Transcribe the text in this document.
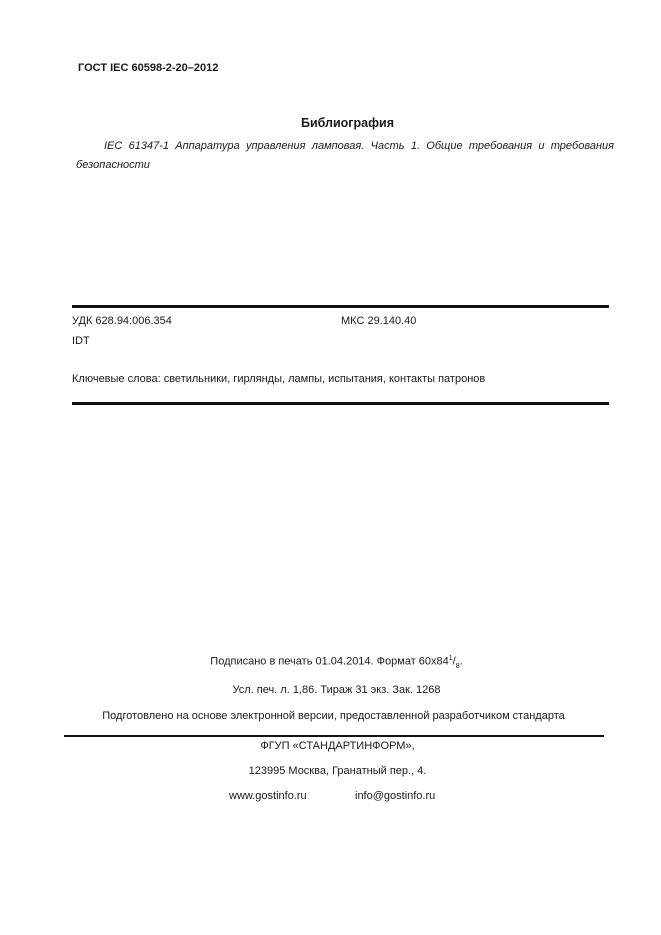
ГОСТ IEC 60598-2-20–2012
Библиография
IEC 61347-1 Аппаратура управления ламповая. Часть 1. Общие требования и требования
безопасности
УДК 628.94:006.354	МКС 29.140.40
IDT
Ключевые слова: светильники, гирлянды, лампы, испытания, контакты патронов
Подписано в печать 01.04.2014. Формат $60x84^1/_8$.
Усл. печ. л. 1,86. Тираж 31 экз. Зак. 1268
Подготовлено на основе электронной версии, предоставленной разработчиком стандарта
ФГУП «СТАНДАРТИНФОРМ»,
123995 Москва, Гранатный пер., 4.
www.gostinfo.ru	info@gostinfo.ru
